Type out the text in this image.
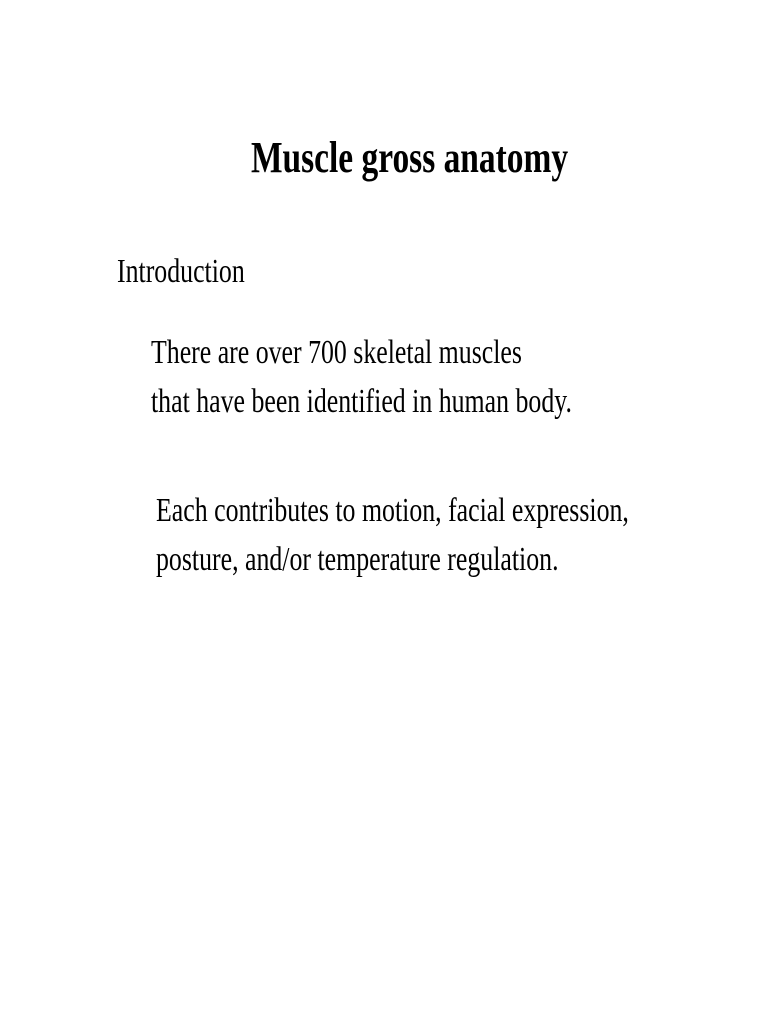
Muscle gross anatomy
Introduction
There are over 700 skeletal muscles
that have been identified in human body.
Each contributes to motion, facial expression,
posture, and/or temperature regulation.
